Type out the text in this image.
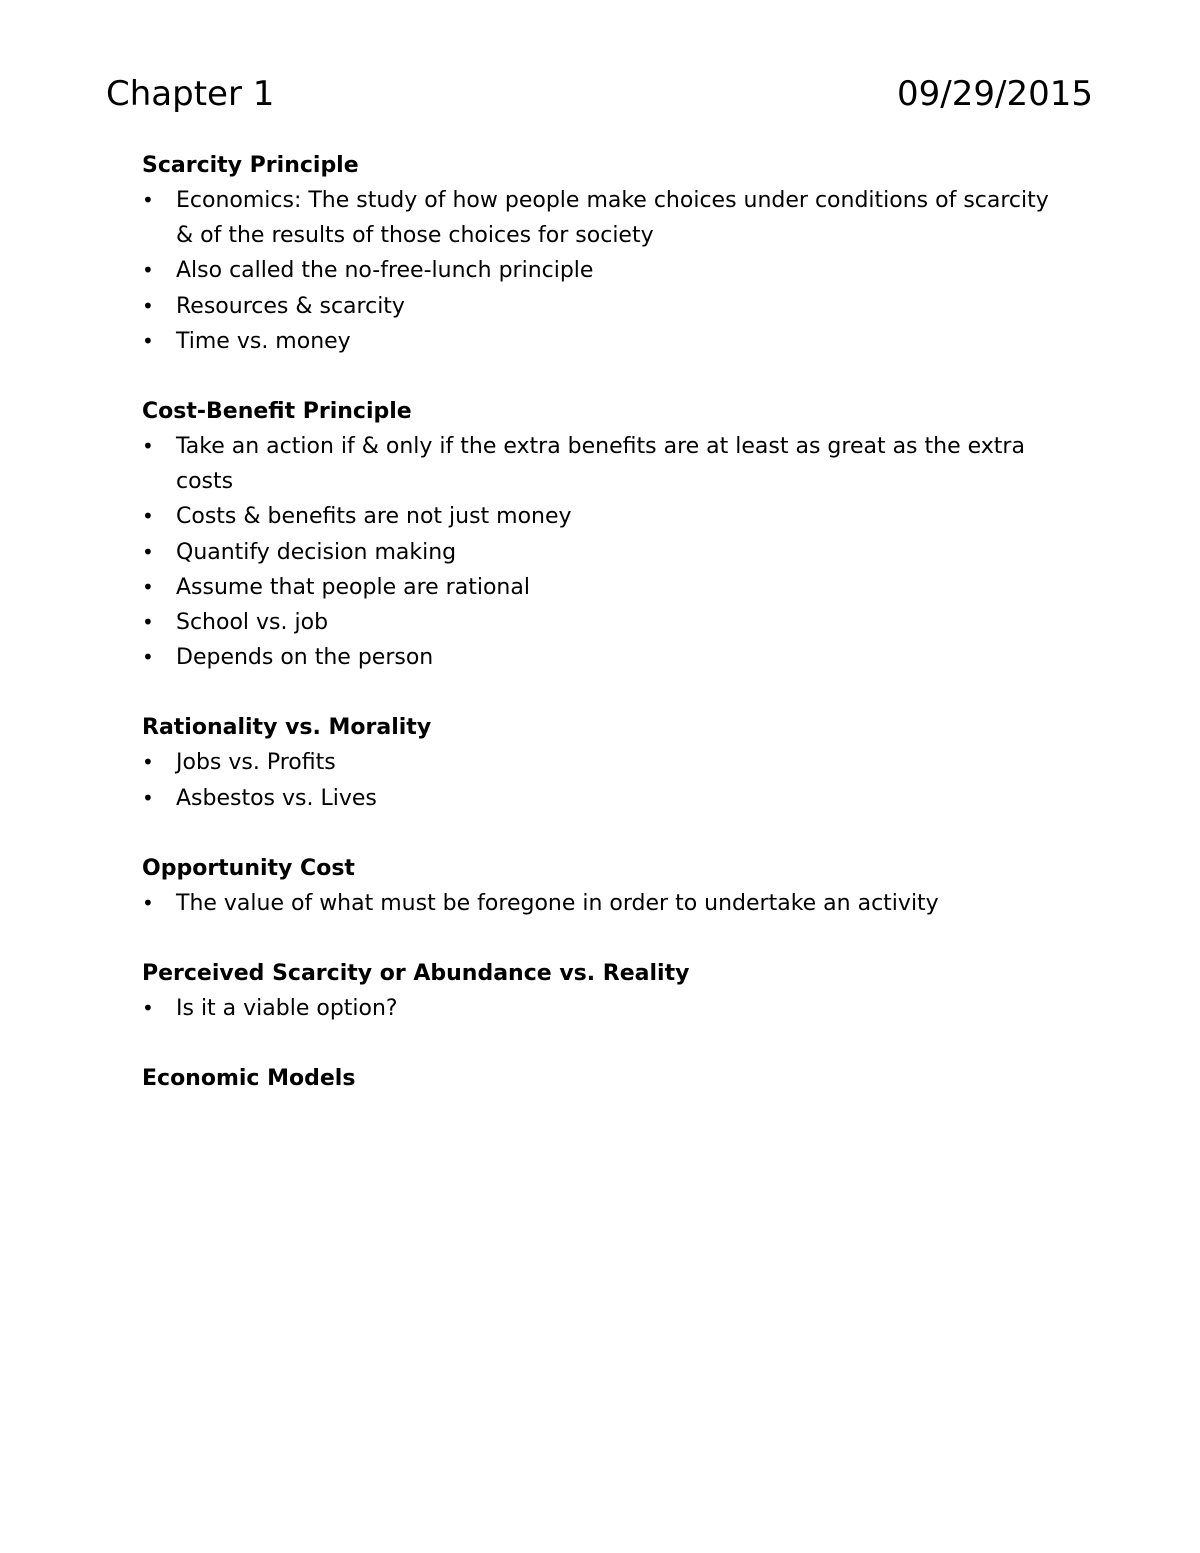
Chapter 1	09/29/2015
Scarcity Principle
• Economics: The study of how people make choices under conditions of scarcity & of the results of those choices for society
• Also called the no-free-lunch principle
• Resources & scarcity
• Time vs. money
Cost-Benefit Principle
• Take an action if & only if the extra benefits are at least as great as the extra costs
• Costs & benefits are not just money
• Quantify decision making
• Assume that people are rational
• School vs. job
• Depends on the person
Rationality vs. Morality
• Jobs vs. Profits
• Asbestos vs. Lives
Opportunity Cost
• The value of what must be foregone in order to undertake an activity
Perceived Scarcity or Abundance vs. Reality
• Is it a viable option?
Economic Models
